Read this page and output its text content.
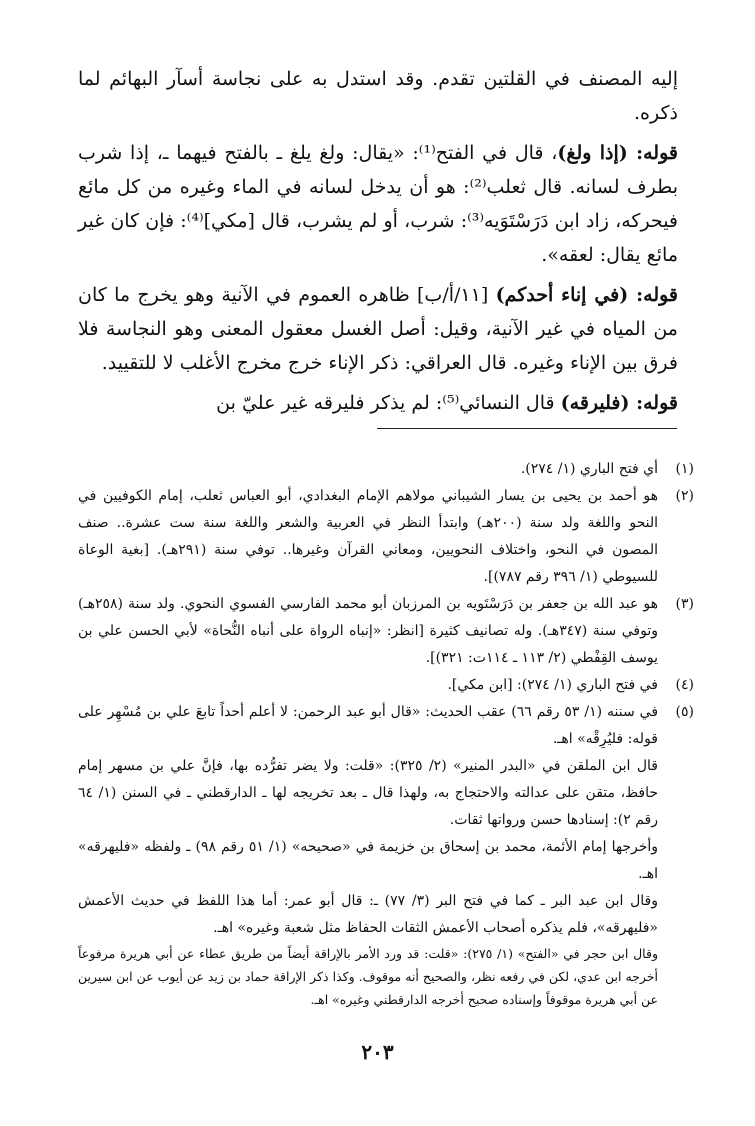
إليه المصنف في القلتين تقدم. وقد استدل به على نجاسة أسآر البهائم لما ذكره.

قوله: (إذا ولغ)، قال في الفتح⁽¹⁾: «يقال: ولغ يلغ ـ بالفتح فيهما ـ، إذا شرب بطرف لسانه. قال ثعلب⁽²⁾: هو أن يدخل لسانه في الماء وغيره من كل مائع فيحركه، زاد ابن دَرَسْتَوَيه⁽³⁾: شرب، أو لم يشرب، قال [مكي]⁽⁴⁾: فإن كان غير مائع يقال: لعقه».

قوله: (في إناء أحدكم) [١١/أ/ب] ظاهره العموم في الآنية وهو يخرج ما كان من المياه في غير الآنية، وقيل: أصل الغسل معقول المعنى وهو النجاسة فلا فرق بين الإناء وغيره. قال العراقي: ذكر الإناء خرج مخرج الأغلب لا للتقييد.

قوله: (فليرقه) قال النسائي⁽⁵⁾: لم يذكر فليرقه غير عليّ بن

(١)
أي فتح الباري (١/ ٢٧٤).
(٢)
هو أحمد بن يحيى بن يسار الشيباني مولاهم الإمام البغدادي، أبو العباس ثعلب، إمام الكوفيين في النحو واللغة ولد سنة (٢٠٠هـ) وابتدأ النظر في العربية والشعر واللغة سنة ست عشرة.. صنف المصون في النحو، واختلاف النحويين، ومعاني القرآن وغيرها.. توفي سنة (٢٩١هـ). [بغية الوعاة للسيوطي (١/ ٣٩٦ رقم ٧٨٧)].
(٣)
هو عبد الله بن جعفر بن دَرَسْتَويه بن المرزبان أبو محمد الفارسي الفسوي النحوي. ولد سنة (٢٥٨هـ) وتوفي سنة (٣٤٧هـ). وله تصانيف كثيرة [انظر: «إنباه الرواة على أنباه النُّحاة» لأبي الحسن علي بن يوسف القِفْطي (٢/ ١١٣ ـ ١١٤ت: ٣٢١)].
(٤)
في فتح الباري (١/ ٢٧٤): [ابن مكي].
(٥)

في سننه (١/ ٥٣ رقم ٦٦) عقب الحديث: «قال أبو عبد الرحمن: لا أعلم أحداً تابعَ علي بن مُسْهِر على قوله: فليُرِقْه» اهـ.

قال ابن الملقن في «البدر المنير» (٢/ ٣٢٥): «قلت: ولا يضر تفرُّده بها، فإنَّ علي بن مسهر إمام حافظ، متقن على عدالته والاحتجاج به، ولهذا قال ـ بعد تخريجه لها ـ الدارقطني ـ في السنن (١/ ٦٤ رقم ٢): إسنادها حسن ورواتها ثقات.

وأخرجها إمام الأئمة، محمد بن إسحاق بن خزيمة في «صحيحه» (١/ ٥١ رقم ٩٨) ـ ولفظه «فليهرقه» اهـ.

وقال ابن عبد البر ـ كما في فتح البر (٣/ ٧٧) ـ: قال أبو عمر: أما هذا اللفظ في حديث الأعمش «فليهرقه»، فلم يذكره أصحاب الأعمش الثقات الحفاظ مثل شعبة وغيره» اهـ.

وقال ابن حجر في «الفتح» (١/ ٢٧٥): «قلت: قد ورد الأمر بالإراقة أيضاً من طريق عطاء عن أبي هريرة مرفوعاً أخرجه ابن عدي، لكن في رفعه نظر، والصحيح أنه موقوف. وكذا ذكر الإراقة حماد بن زيد عن أيوب عن ابن سيرين عن أبي هريرة موقوفاً وإسناده صحيح أخرجه الدارقطني وغيره» اهـ.

٢٠٣
